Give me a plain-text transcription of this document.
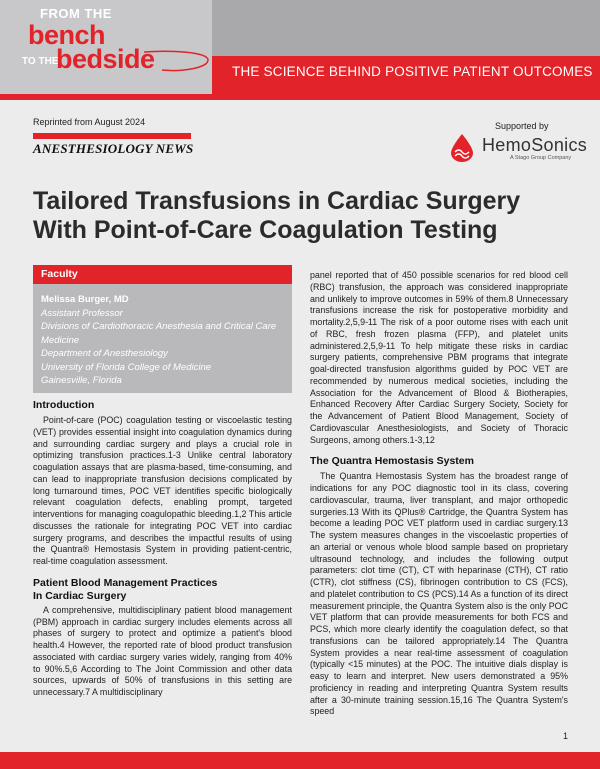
FROM THE
bench
TO THE
bedside	THE SCIENCE BEHIND POSITIVE PATIENT OUTCOMES
Reprinted from August 2024
ANESTHESIOLOGY NEWS
Supported by
HemoSonics
A Stago Group Company
Tailored Transfusions in Cardiac Surgery With Point-of-Care Coagulation Testing
Faculty
Melissa Burger, MD
Assistant Professor
Divisions of Cardiothoracic Anesthesia and Critical Care Medicine
Department of Anesthesiology
University of Florida College of Medicine
Gainesville, Florida
Introduction

Point-of-care (POC) coagulation testing or viscoelastic testing (VET) provides essential insight into coagulation dynamics during and surrounding cardiac surgery and plays a crucial role in optimizing transfusion practices.1-3 Unlike central laboratory coagulation assays that are plasma-based, time-consuming, and can lead to inappropriate transfusion decisions complicated by long turnaround times, POC VET identifies specific biologically relevant coagulation defects, enabling prompt, targeted interventions for managing coagulopathic bleeding.1,2 This article discusses the rationale for integrating POC VET into cardiac surgery programs, and describes the impactful results of using the Quantra® Hemostasis System in providing patient-centric, real-time coagulation assessment.

Patient Blood Management Practices
In Cardiac Surgery

A comprehensive, multidisciplinary patient blood management (PBM) approach in cardiac surgery includes elements across all phases of surgery to protect and optimize a patient's blood health.4 However, the reported rate of blood product transfusion associated with cardiac surgery varies widely, ranging from 40% to 90%.5,6 According to The Joint Commission and other data sources, upwards of 50% of transfusions in this setting are unnecessary.7 A multidisciplinary

panel reported that of 450 possible scenarios for red blood cell (RBC) transfusion, the approach was considered inappropriate and unlikely to improve outcomes in 59% of them.8 Unnecessary transfusions increase the risk for postoperative morbidity and mortality.2,5,9-11 The risk of a poor outome rises with each unit of RBC, fresh frozen plasma (FFP), and platelet units administered.2,5,9-11 To help mitigate these risks in cardiac surgery patients, comprehensive PBM programs that integrate goal-directed transfusion algorithms guided by POC VET are recommended by numerous medical societies, including the Association for the Advancement of Blood & Biotherapies, Enhanced Recovery After Cardiac Surgery Society, Society for the Advancement of Patient Blood Management, Society of Cardiovascular Anesthesiologists, and Society of Thoracic Surgeons, among others.1-3,12

The Quantra Hemostasis System

The Quantra Hemostasis System has the broadest range of indications for any POC diagnostic tool in its class, covering cardiovascular, trauma, liver transplant, and major orthopedic surgeries.13 With its QPlus® Cartridge, the Quantra System has become a leading POC VET platform used in cardiac surgery.13 The system measures changes in the viscoelastic properties of an arterial or venous whole blood sample based on proprietary ultrasound technology, and includes the following output parameters: clot time (CT), CT with heparinase (CTH), CT ratio (CTR), clot stiffness (CS), fibrinogen contribution to CS (FCS), and platelet contribution to CS (PCS).14 As a function of its direct measurement principle, the Quantra System also is the only POC VET platform that can provide measurements for both FCS and PCS, which more clearly identify the coagulation defect, so that transfusions can be tailored appropriately.14 The Quantra System provides a near real-time assessment of coagulation (typically <15 minutes) at the POC. The intuitive dials display is easy to learn and interpret. New users demonstrated a 95% proficiency in reading and interpreting Quantra System results after a 30-minute training session.15,16 The Quantra System's speed

1
